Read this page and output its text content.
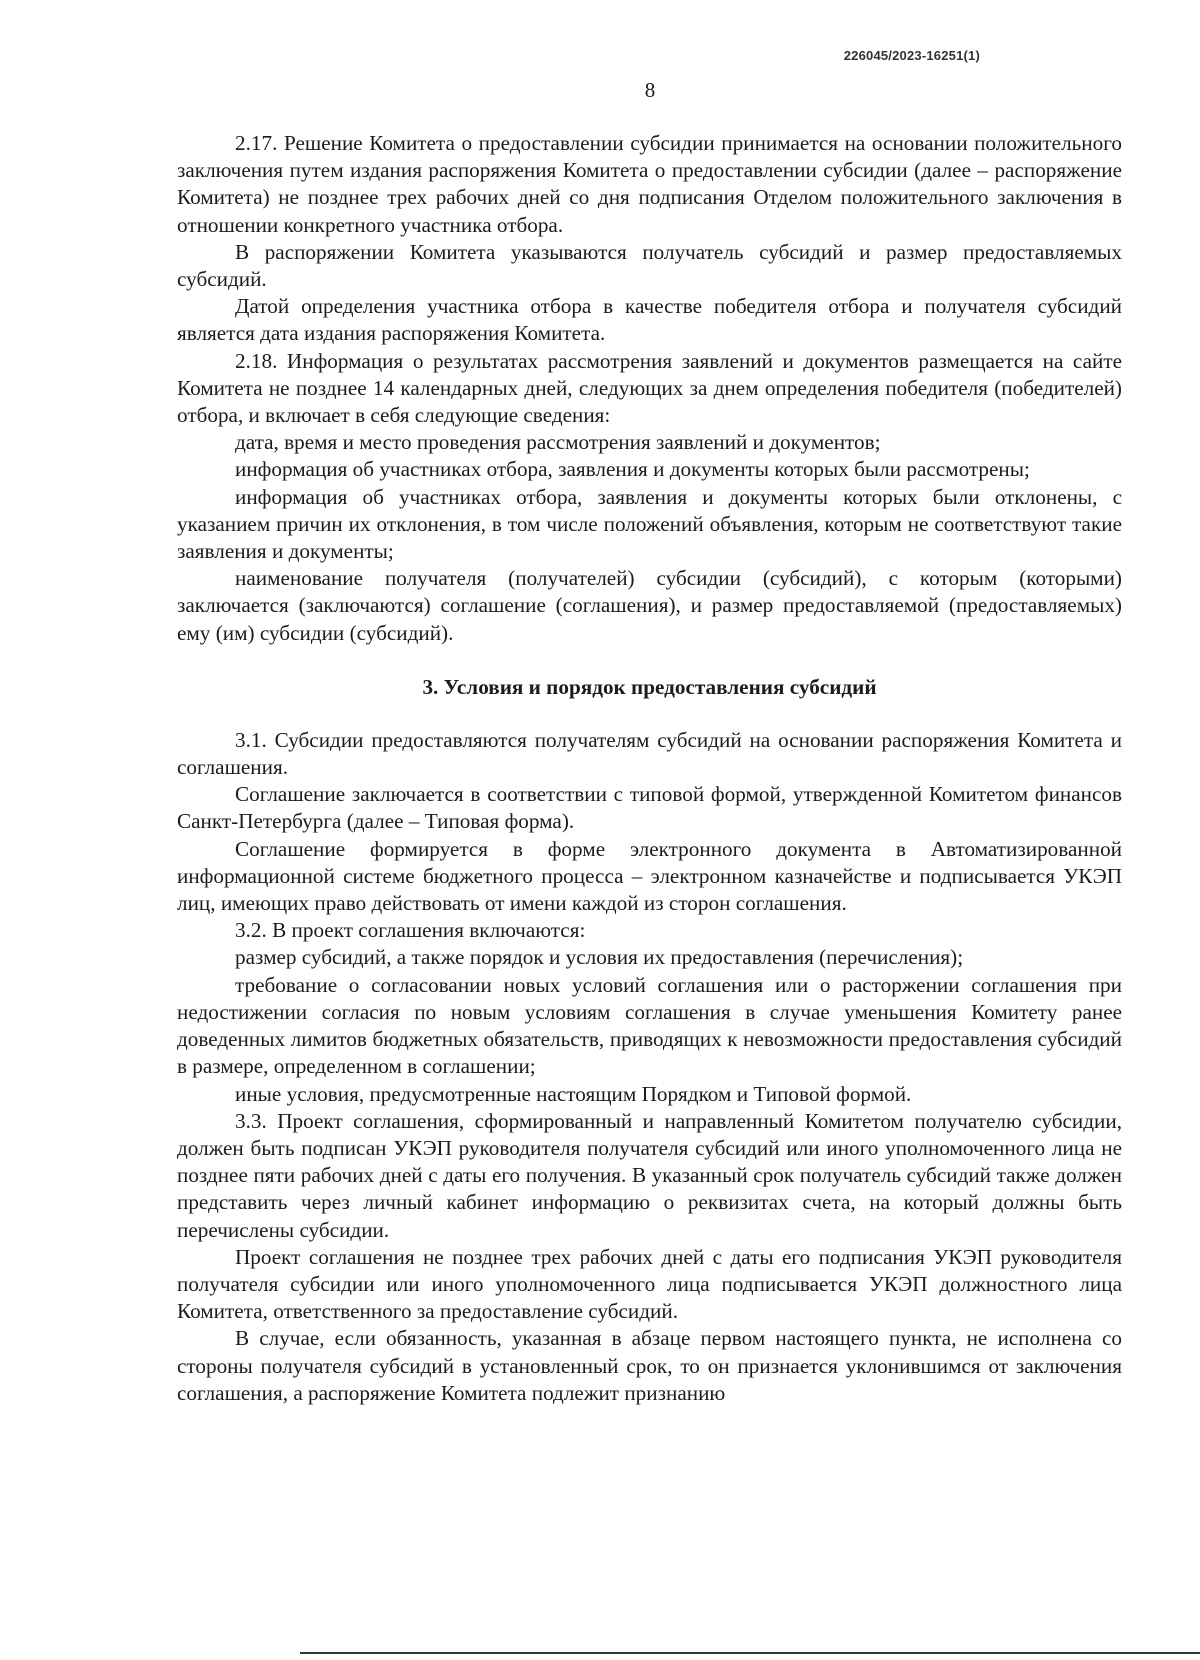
226045/2023-16251(1)
8

2.17. Решение Комитета о предоставлении субсидии принимается на основании положительного заключения путем издания распоряжения Комитета о предоставлении субсидии (далее – распоряжение Комитета) не позднее трех рабочих дней со дня подписания Отделом положительного заключения в отношении конкретного участника отбора.

В распоряжении Комитета указываются получатель субсидий и размер предоставляемых субсидий.

Датой определения участника отбора в качестве победителя отбора и получателя субсидий является дата издания распоряжения Комитета.

2.18. Информация о результатах рассмотрения заявлений и документов размещается на сайте Комитета не позднее 14 календарных дней, следующих за днем определения победителя (победителей) отбора, и включает в себя следующие сведения:

дата, время и место проведения рассмотрения заявлений и документов;

информация об участниках отбора, заявления и документы которых были рассмотрены;

информация об участниках отбора, заявления и документы которых были отклонены, с указанием причин их отклонения, в том числе положений объявления, которым не соответствуют такие заявления и документы;

наименование получателя (получателей) субсидии (субсидий), с которым (которыми) заключается (заключаются) соглашение (соглашения), и размер предоставляемой (предоставляемых) ему (им) субсидии (субсидий).

3. Условия и порядок предоставления субсидий

3.1. Субсидии предоставляются получателям субсидий на основании распоряжения Комитета и соглашения.

Соглашение заключается в соответствии с типовой формой, утвержденной Комитетом финансов Санкт-Петербурга (далее – Типовая форма).

Соглашение формируется в форме электронного документа в Автоматизированной информационной системе бюджетного процесса – электронном казначействе и подписывается УКЭП лиц, имеющих право действовать от имени каждой из сторон соглашения.

3.2. В проект соглашения включаются:

размер субсидий, а также порядок и условия их предоставления (перечисления);

требование о согласовании новых условий соглашения или о расторжении соглашения при недостижении согласия по новым условиям соглашения в случае уменьшения Комитету ранее доведенных лимитов бюджетных обязательств, приводящих к невозможности предоставления субсидий в размере, определенном в соглашении;

иные условия, предусмотренные настоящим Порядком и Типовой формой.

3.3. Проект соглашения, сформированный и направленный Комитетом получателю субсидии, должен быть подписан УКЭП руководителя получателя субсидий или иного уполномоченного лица не позднее пяти рабочих дней с даты его получения. В указанный срок получатель субсидий также должен представить через личный кабинет информацию о реквизитах счета, на который должны быть перечислены субсидии.

Проект соглашения не позднее трех рабочих дней с даты его подписания УКЭП руководителя получателя субсидии или иного уполномоченного лица подписывается УКЭП должностного лица Комитета, ответственного за предоставление субсидий.

В случае, если обязанность, указанная в абзаце первом настоящего пункта, не исполнена со стороны получателя субсидий в установленный срок, то он признается уклонившимся от заключения соглашения, а распоряжение Комитета подлежит признанию
